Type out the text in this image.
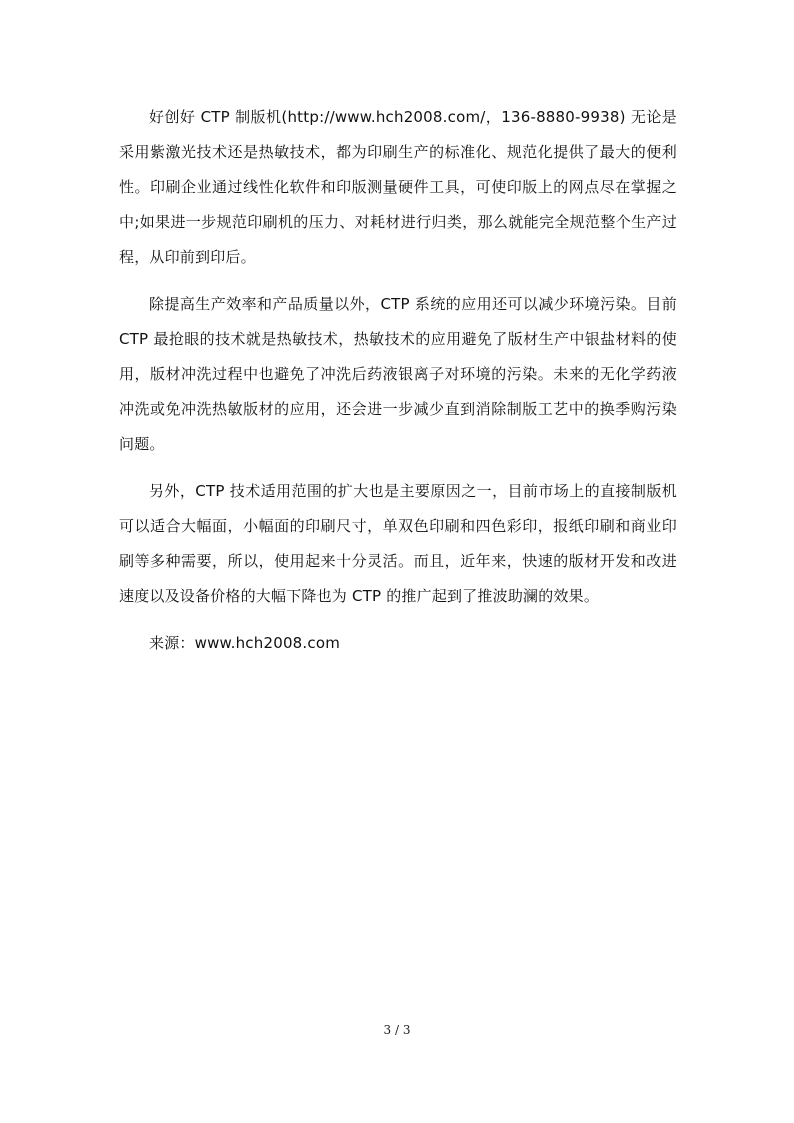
好创好 CTP 制版机(http://www.hch2008.com/，136-8880-9938) 无论是采用紫激光技术还是热敏技术，都为印刷生产的标准化、规范化提供了最大的便利性。印刷企业通过线性化软件和印版测量硬件工具，可使印版上的网点尽在掌握之中;如果进一步规范印刷机的压力、对耗材进行归类，那么就能完全规范整个生产过程，从印前到印后。

除提高生产效率和产品质量以外，CTP 系统的应用还可以减少环境污染。目前 CTP 最抢眼的技术就是热敏技术，热敏技术的应用避免了版材生产中银盐材料的使用，版材冲洗过程中也避免了冲洗后药液银离子对环境的污染。未来的无化学药液冲洗或免冲洗热敏版材的应用，还会进一步减少直到消除制版工艺中的换季购污染问题。

另外，CTP 技术适用范围的扩大也是主要原因之一，目前市场上的直接制版机可以适合大幅面，小幅面的印刷尺寸，单双色印刷和四色彩印，报纸印刷和商业印刷等多种需要，所以，使用起来十分灵活。而且，近年来，快速的版材开发和改进速度以及设备价格的大幅下降也为 CTP 的推广起到了推波助澜的效果。

来源：www.hch2008.com

3 / 3
